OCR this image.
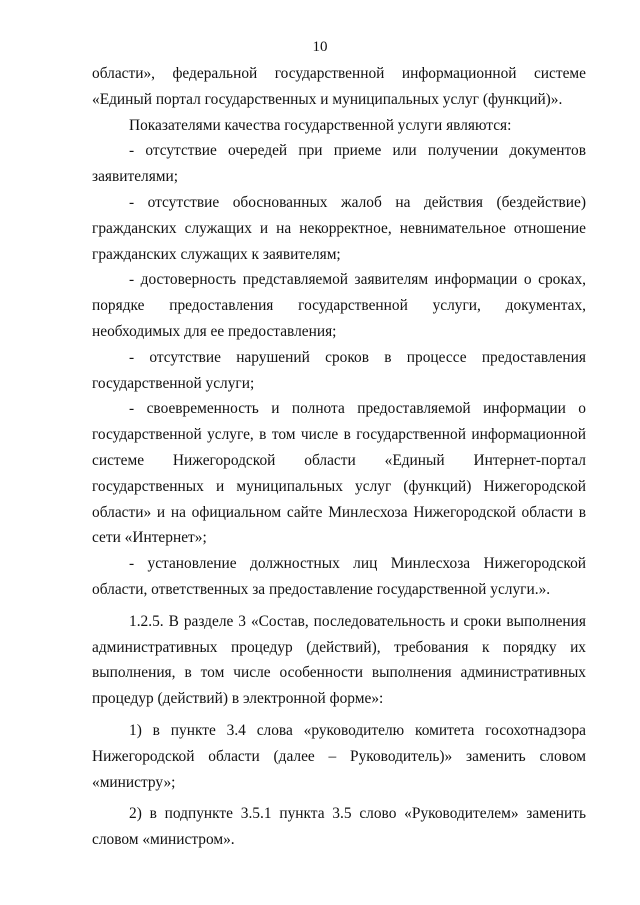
10

области», федеральной государственной информационной системе «Единый портал государственных и муниципальных услуг (функций)».

Показателями качества государственной услуги являются:

- отсутствие очередей при приеме или получении документов заявителями;

- отсутствие обоснованных жалоб на действия (бездействие) гражданских служащих и на некорректное, невнимательное отношение гражданских служащих к заявителям;

- достоверность представляемой заявителям информации о сроках, порядке предоставления государственной услуги, документах, необходимых для ее предоставления;

- отсутствие нарушений сроков в процессе предоставления государственной услуги;

- своевременность и полнота предоставляемой информации о государственной услуге, в том числе в государственной информационной системе Нижегородской области «Единый Интернет-портал государственных и муниципальных услуг (функций) Нижегородской области» и на официальном сайте Минлесхоза Нижегородской области в сети «Интернет»;

- установление должностных лиц Минлесхоза Нижегородской области, ответственных за предоставление государственной услуги.».

1.2.5. В разделе 3 «Состав, последовательность и сроки выполнения административных процедур (действий), требования к порядку их выполнения, в том числе особенности выполнения административных процедур (действий) в электронной форме»:

1) в пункте 3.4 слова «руководителю комитета госохотнадзора Нижегородской области (далее – Руководитель)» заменить словом «министру»;

2) в подпункте 3.5.1 пункта 3.5 слово «Руководителем» заменить словом «министром».
